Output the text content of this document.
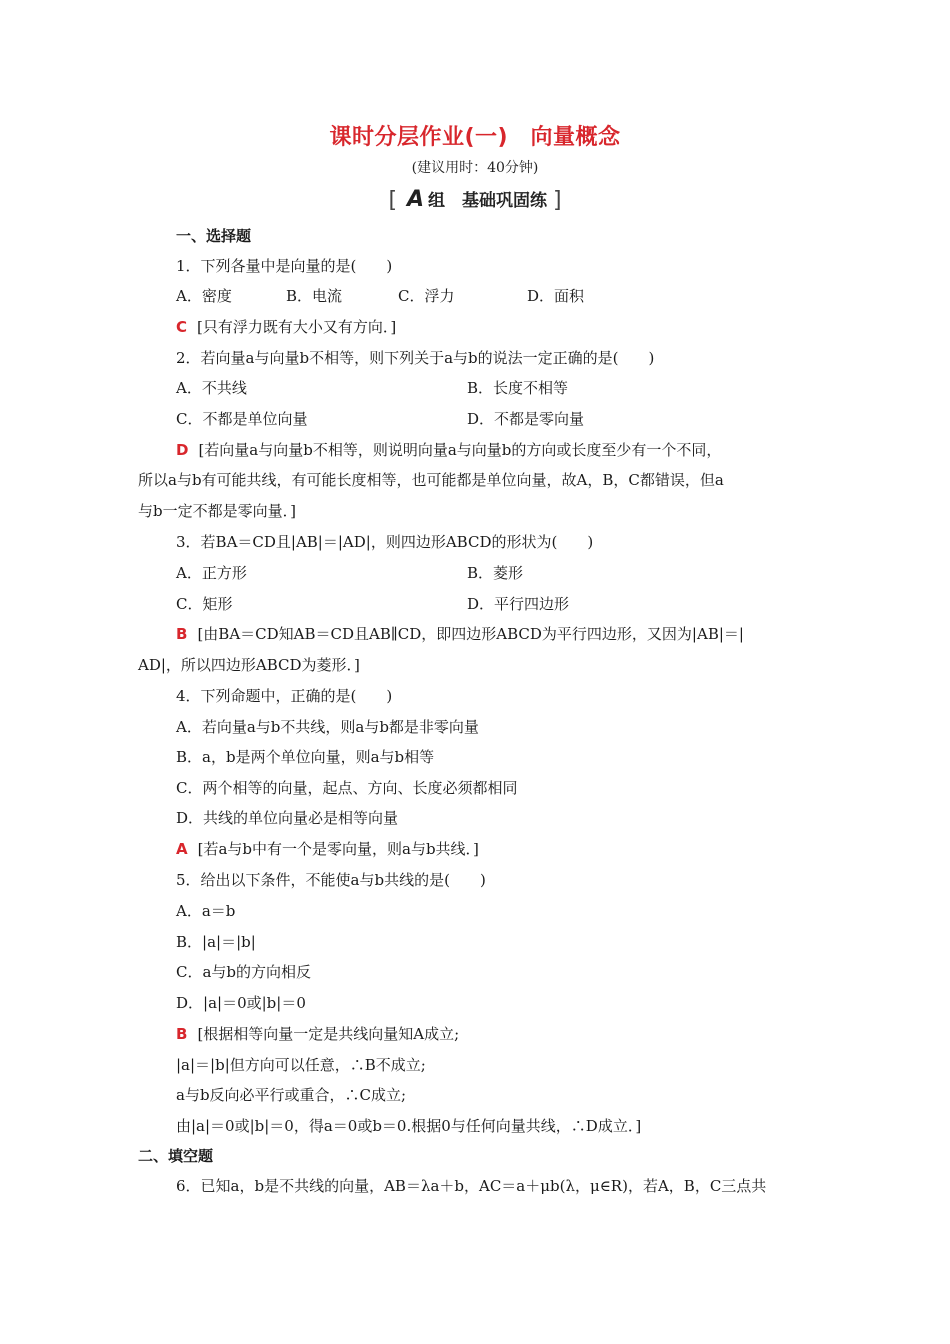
课时分层作业(一)　向量概念
(建议用时：40分钟)
[ A 组　基础巩固练 ]
一、选择题
1．下列各量中是向量的是(　　)
A．密度	B．电流	C．浮力	D．面积
C [只有浮力既有大小又有方向．]
2．若向量a与向量b不相等，则下列关于a与b的说法一定正确的是(　　)
A．不共线	B．长度不相等
C．不都是单位向量	D．不都是零向量
D [若向量a与向量b不相等，则说明向量a与向量b的方向或长度至少有一个不同，
所以a与b有可能共线，有可能长度相等，也可能都是单位向量，故A，B，C都错误，但a
与b一定不都是零向量．]
3．若BA＝CD且|AB|＝|AD|，则四边形ABCD的形状为(　　)
A．正方形	B．菱形
C．矩形	D．平行四边形
B [由BA＝CD知AB＝CD且AB∥CD，即四边形ABCD为平行四边形，又因为|AB|＝|
AD|，所以四边形ABCD为菱形．]
4．下列命题中，正确的是(　　)
A．若向量a与b不共线，则a与b都是非零向量
B．a，b是两个单位向量，则a与b相等
C．两个相等的向量，起点、方向、长度必须都相同
D．共线的单位向量必是相等向量
A [若a与b中有一个是零向量，则a与b共线．]
5．给出以下条件，不能使a与b共线的是(　　)
A．a＝b
B．|a|＝|b|
C．a与b的方向相反
D．|a|＝0或|b|＝0
B [根据相等向量一定是共线向量知A成立;
|a|＝|b|但方向可以任意，∴B不成立;
a与b反向必平行或重合，∴C成立;
由|a|＝0或|b|＝0，得a＝0或b＝0.根据0与任何向量共线，∴D成立．]
二、填空题
6．已知a，b是不共线的向量，AB＝λa＋b，AC＝a＋μb(λ，μ∈R)，若A，B，C三点共
